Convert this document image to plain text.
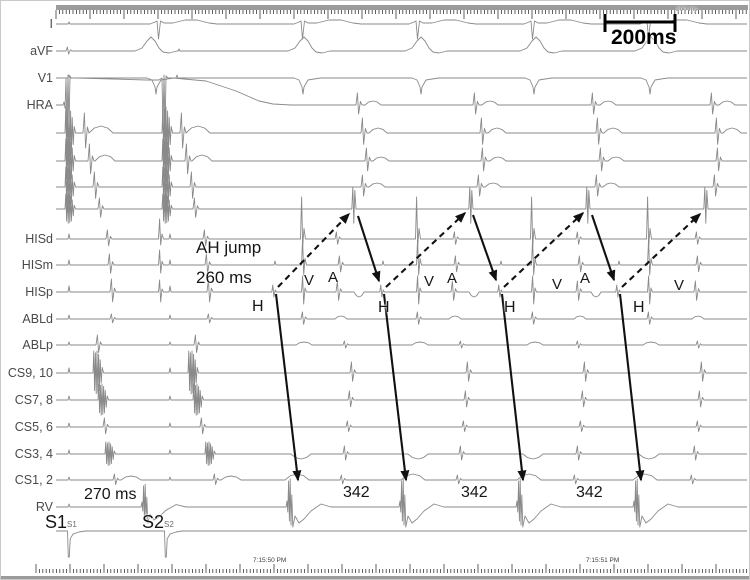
I
aVF
V1
HRA
HISd
HISm
HISp
ABLd
ABLp
CS9, 10
CS7, 8
CS5, 6
CS3, 4
CS1, 2
RV
AH jump
260 ms
270 ms	342	342	342
H	H	H	H
V	V	V	V
A	A	A
S1	S2
S1	S2
200ms
200 ms
7:15:50 PM	7:15:51 PM
